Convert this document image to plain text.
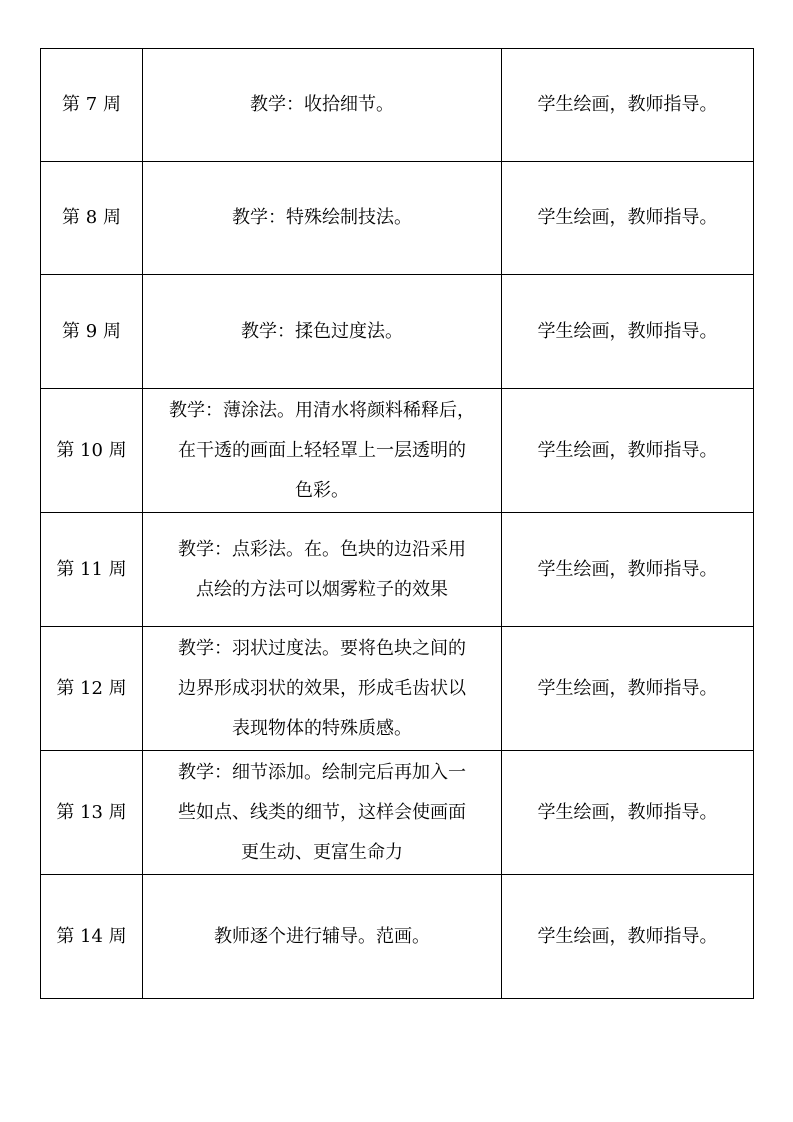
第 7 周	教学：收拾细节。	学生绘画，教师指导。
第 8 周	教学：特殊绘制技法。	学生绘画，教师指导。
第 9 周	教学：揉色过度法。	学生绘画，教师指导。
第 10 周	教学：薄涂法。用清水将颜料稀释后，
在干透的画面上轻轻罩上一层透明的
色彩。	学生绘画，教师指导。
第 11 周	教学：点彩法。在。色块的边沿采用
点绘的方法可以烟雾粒子的效果	学生绘画，教师指导。
第 12 周	教学：羽状过度法。要将色块之间的
边界形成羽状的效果，形成毛齿状以
表现物体的特殊质感。	学生绘画，教师指导。
第 13 周	教学：细节添加。绘制完后再加入一
些如点、线类的细节，这样会使画面
更生动、更富生命力	学生绘画，教师指导。
第 14 周	教师逐个进行辅导。范画。	学生绘画，教师指导。
